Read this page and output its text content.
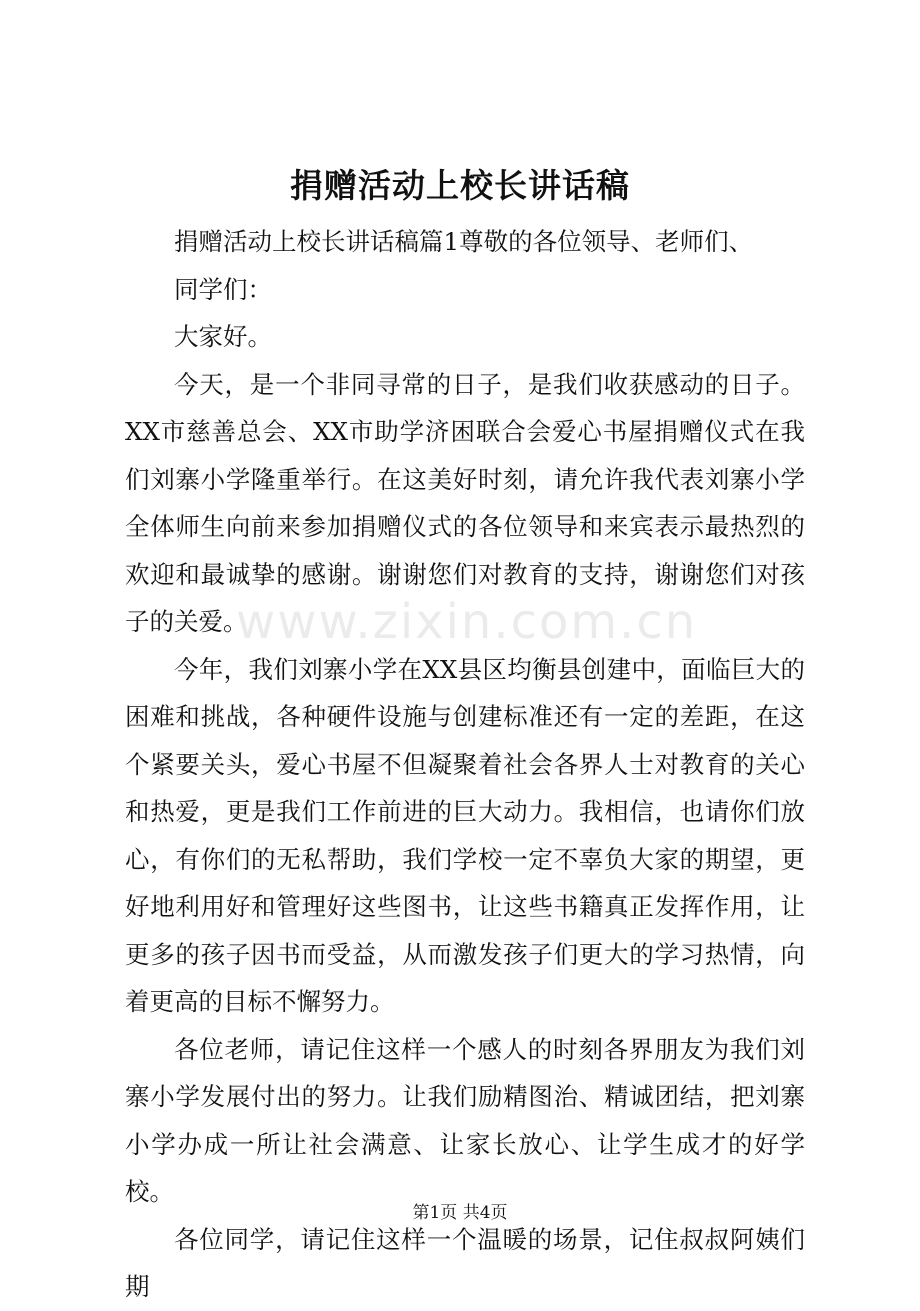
捐赠活动上校长讲话稿

捐赠活动上校长讲话稿篇1尊敬的各位领导、老师们、

同学们：

大家好。

今天，是一个非同寻常的日子，是我们收获感动的日子。XX市慈善总会、XX市助学济困联合会爱心书屋捐赠仪式在我们刘寨小学隆重举行。在这美好时刻，请允许我代表刘寨小学全体师生向前来参加捐赠仪式的各位领导和来宾表示最热烈的欢迎和最诚挚的感谢。谢谢您们对教育的支持，谢谢您们对孩子的关爱。

今年，我们刘寨小学在XX县区均衡县创建中，面临巨大的困难和挑战，各种硬件设施与创建标准还有一定的差距，在这个紧要关头，爱心书屋不但凝聚着社会各界人士对教育的关心和热爱，更是我们工作前进的巨大动力。我相信，也请你们放心，有你们的无私帮助，我们学校一定不辜负大家的期望，更好地利用好和管理好这些图书，让这些书籍真正发挥作用，让更多的孩子因书而受益，从而激发孩子们更大的学习热情，向着更高的目标不懈努力。

各位老师，请记住这样一个感人的时刻各界朋友为我们刘寨小学发展付出的努力。让我们励精图治、精诚团结，把刘寨小学办成一所让社会满意、让家长放心、让学生成才的好学校。

各位同学，请记住这样一个温暖的场景，记住叔叔阿姨们期

www.zixin.com.cn
第1页 共4页
